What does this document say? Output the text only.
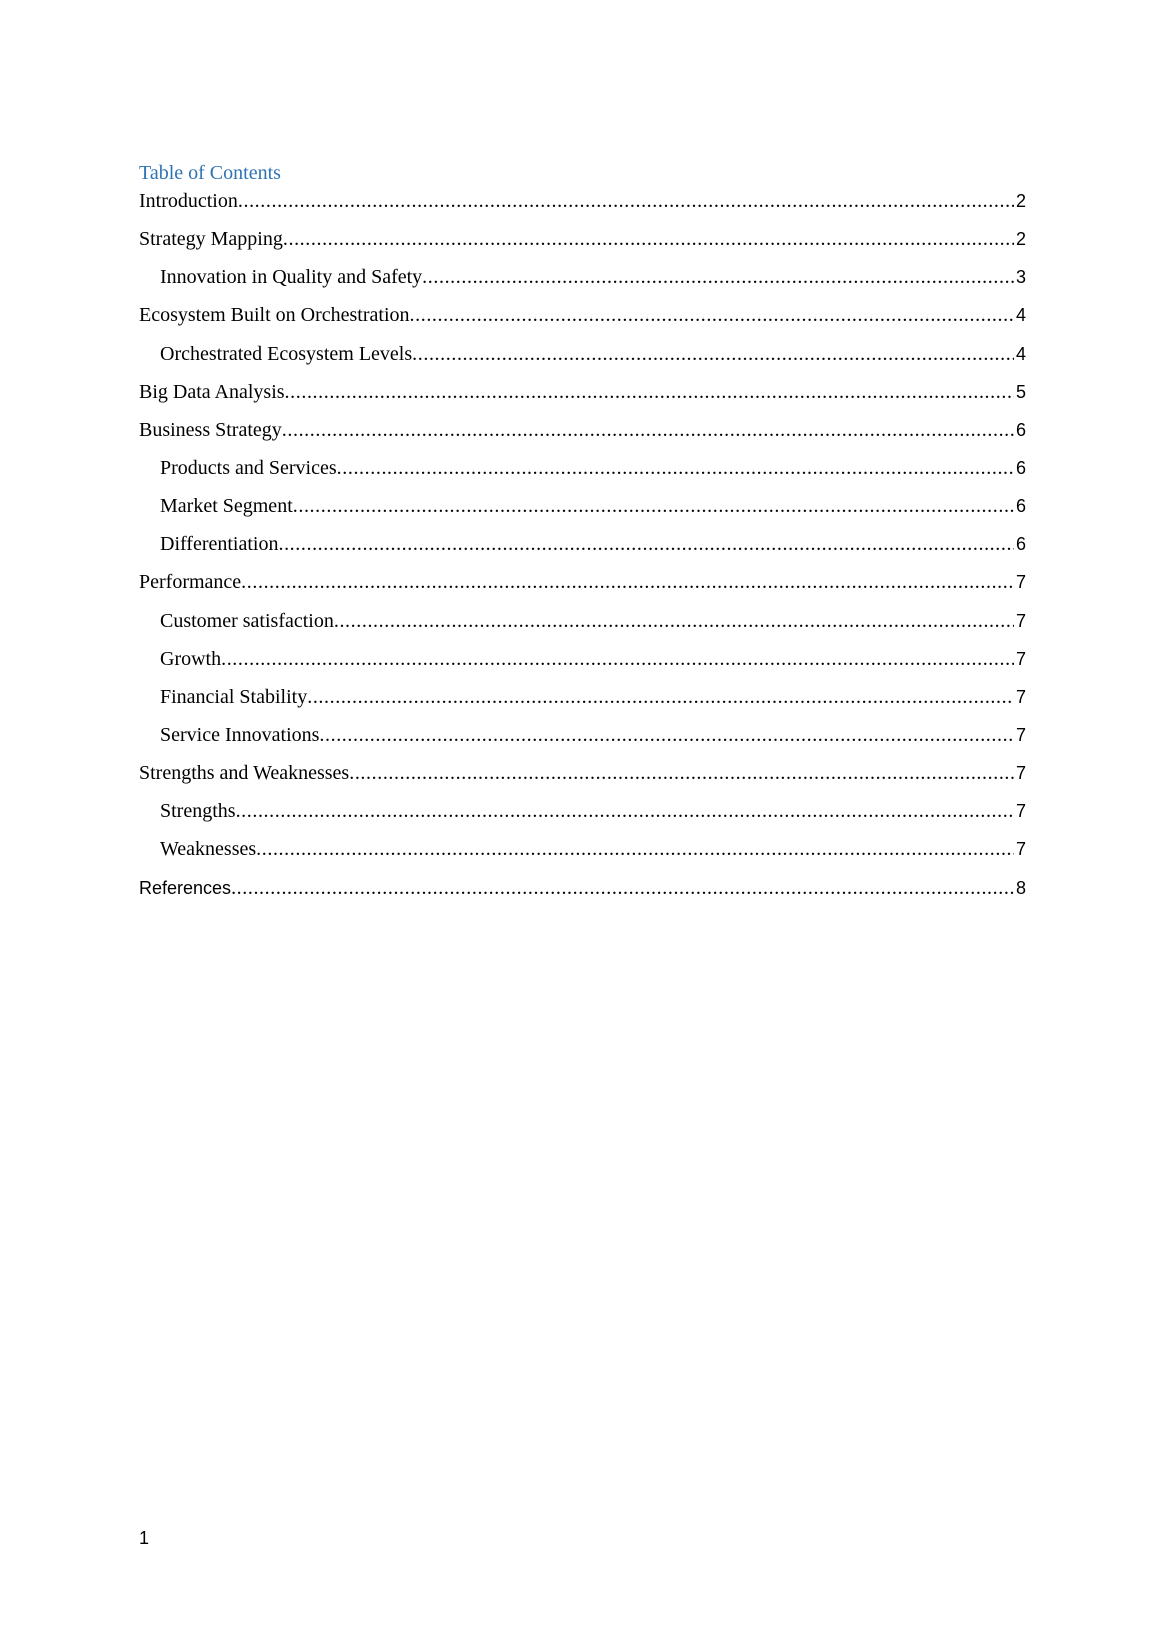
Table of Contents
Introduction .....	2
Strategy Mapping .....	2
Innovation in Quality and Safety .....	3
Ecosystem Built on Orchestration .....	4
Orchestrated Ecosystem Levels .....	4
Big Data Analysis .....	5
Business Strategy .....	6
Products and Services .....	6
Market Segment .....	6
Differentiation .....	6
Performance .....	7
Customer satisfaction .....	7
Growth .....	7
Financial Stability .....	7
Service Innovations .....	7
Strengths and Weaknesses .....	7
Strengths .....	7
Weaknesses .....	7
References .....	8
1
